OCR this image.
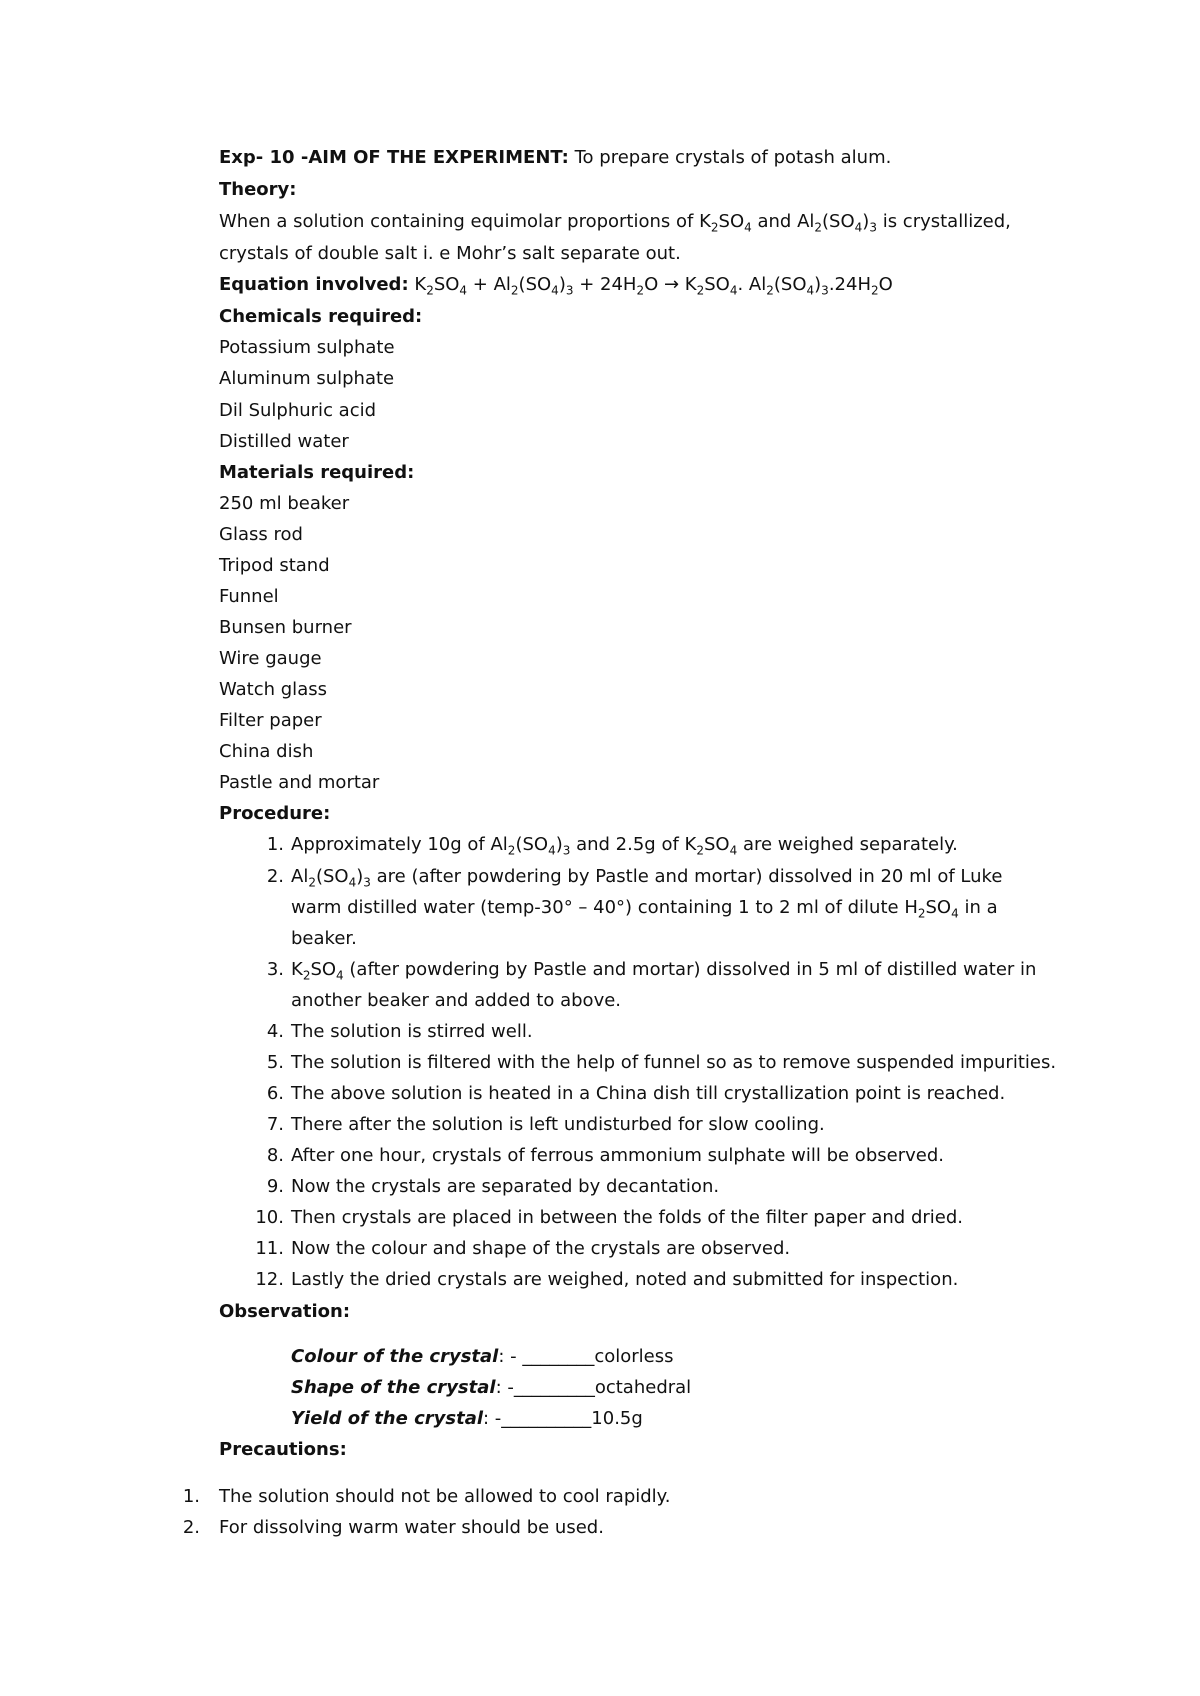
Exp- 10 -AIM OF THE EXPERIMENT: To prepare crystals of potash alum.
Theory:
When a solution containing equimolar proportions of $K_2SO_4$ and $Al_2(SO_4)_3$ is crystallized,
crystals of double salt i. e Mohr’s salt separate out.
Equation involved: $K_2SO_4 + Al_2(SO_4)_3 + 24H_2O \to K_2SO_4$. $Al_2(SO_4)_3.24H_2O$
Chemicals required:
Potassium sulphate
Aluminum sulphate
Dil Sulphuric acid
Distilled water
Materials required:
250 ml beaker
Glass rod
Tripod stand
Funnel
Bunsen burner
Wire gauge
Watch glass
Filter paper
China dish
Pastle and mortar
Procedure:
1. Approximately 10g of $Al_2(SO_4)_3$ and 2.5g of $K_2SO_4$ are weighed separately.
2. $Al_2(SO_4)_3$ are (after powdering by Pastle and mortar) dissolved in 20 ml of Luke
warm distilled water (temp-30° – 40°) containing 1 to 2 ml of dilute $H_2SO_4$ in a
beaker.
3. $K_2SO_4$ (after powdering by Pastle and mortar) dissolved in 5 ml of distilled water in
another beaker and added to above.
4. The solution is stirred well.
5. The solution is filtered with the help of funnel so as to remove suspended impurities.
6. The above solution is heated in a China dish till crystallization point is reached.
7. There after the solution is left undisturbed for slow cooling.
8. After one hour, crystals of ferrous ammonium sulphate will be observed.
9. Now the crystals are separated by decantation.
10. Then crystals are placed in between the folds of the filter paper and dried.
11. Now the colour and shape of the crystals are observed.
12. Lastly the dried crystals are weighed, noted and submitted for inspection.
Observation:
Colour of the crystal: - ________colorless
Shape of the crystal: -_________octahedral
Yield of the crystal: -__________10.5g
Precautions:
1. The solution should not be allowed to cool rapidly.
2. For dissolving warm water should be used.
